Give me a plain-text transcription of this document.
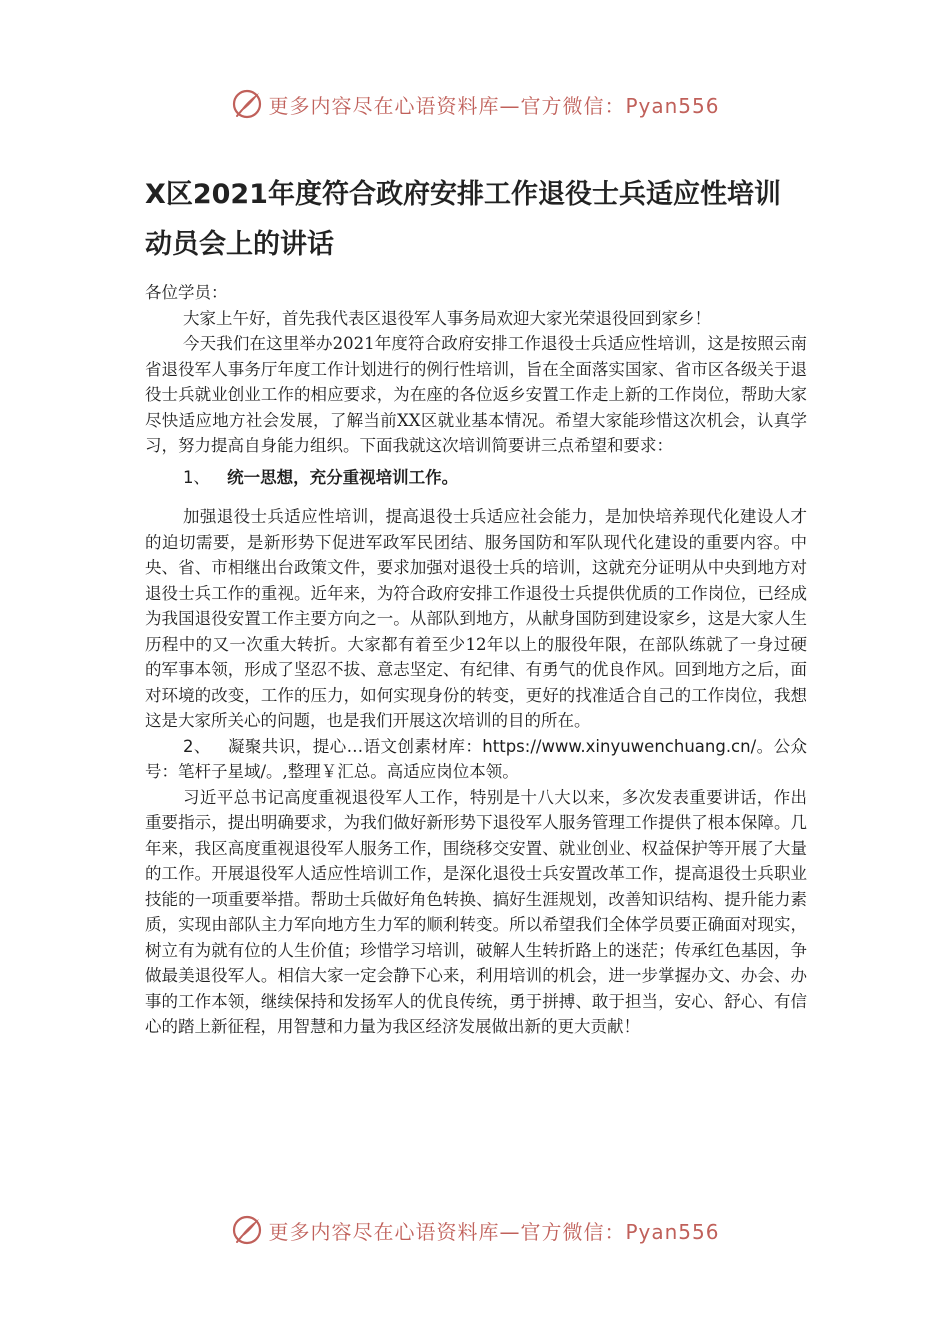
更多内容尽在心语资料库—官方微信：Pyan556
X区2021年度符合政府安排工作退役士兵适应性培训动员会上的讲话

各位学员：

大家上午好，首先我代表区退役军人事务局欢迎大家光荣退役回到家乡！

今天我们在这里举办2021年度符合政府安排工作退役士兵适应性培训，这是按照云南省退役军人事务厅年度工作计划进行的例行性培训，旨在全面落实国家、省市区各级关于退役士兵就业创业工作的相应要求，为在座的各位返乡安置工作走上新的工作岗位，帮助大家尽快适应地方社会发展，了解当前XX区就业基本情况。希望大家能珍惜这次机会，认真学习，努力提高自身能力组织。下面我就这次培训简要讲三点希望和要求：

1、 统一思想，充分重视培训工作。

加强退役士兵适应性培训，提高退役士兵适应社会能力，是加快培养现代化建设人才的迫切需要，是新形势下促进军政军民团结、服务国防和军队现代化建设的重要内容。中央、省、市相继出台政策文件，要求加强对退役士兵的培训，这就充分证明从中央到地方对退役士兵工作的重视。近年来，为符合政府安排工作退役士兵提供优质的工作岗位，已经成为我国退役安置工作主要方向之一。从部队到地方，从献身国防到建设家乡，这是大家人生历程中的又一次重大转折。大家都有着至少12年以上的服役年限，在部队练就了一身过硬的军事本领，形成了坚忍不拔、意志坚定、有纪律、有勇气的优良作风。回到地方之后，面对环境的改变，工作的压力，如何实现身份的转变，更好的找准适合自己的工作岗位，我想这是大家所关心的问题，也是我们开展这次培训的目的所在。

2、 凝聚共识，提心…语文创素材库：https://www.xinyuwenchuang.cn/。公众号：笔杆子星域/。,整理￥汇总。高适应岗位本领。

习近平总书记高度重视退役军人工作，特别是十八大以来，多次发表重要讲话，作出重要指示，提出明确要求，为我们做好新形势下退役军人服务管理工作提供了根本保障。几年来，我区高度重视退役军人服务工作，围绕移交安置、就业创业、权益保护等开展了大量的工作。开展退役军人适应性培训工作，是深化退役士兵安置改革工作，提高退役士兵职业技能的一项重要举措。帮助士兵做好角色转换、搞好生涯规划，改善知识结构、提升能力素质，实现由部队主力军向地方生力军的顺利转变。所以希望我们全体学员要正确面对现实，树立有为就有位的人生价值；珍惜学习培训，破解人生转折路上的迷茫；传承红色基因，争做最美退役军人。相信大家一定会静下心来，利用培训的机会，进一步掌握办文、办会、办事的工作本领，继续保持和发扬军人的优良传统，勇于拼搏、敢于担当，安心、舒心、有信心的踏上新征程，用智慧和力量为我区经济发展做出新的更大贡献！

更多内容尽在心语资料库—官方微信：Pyan556
